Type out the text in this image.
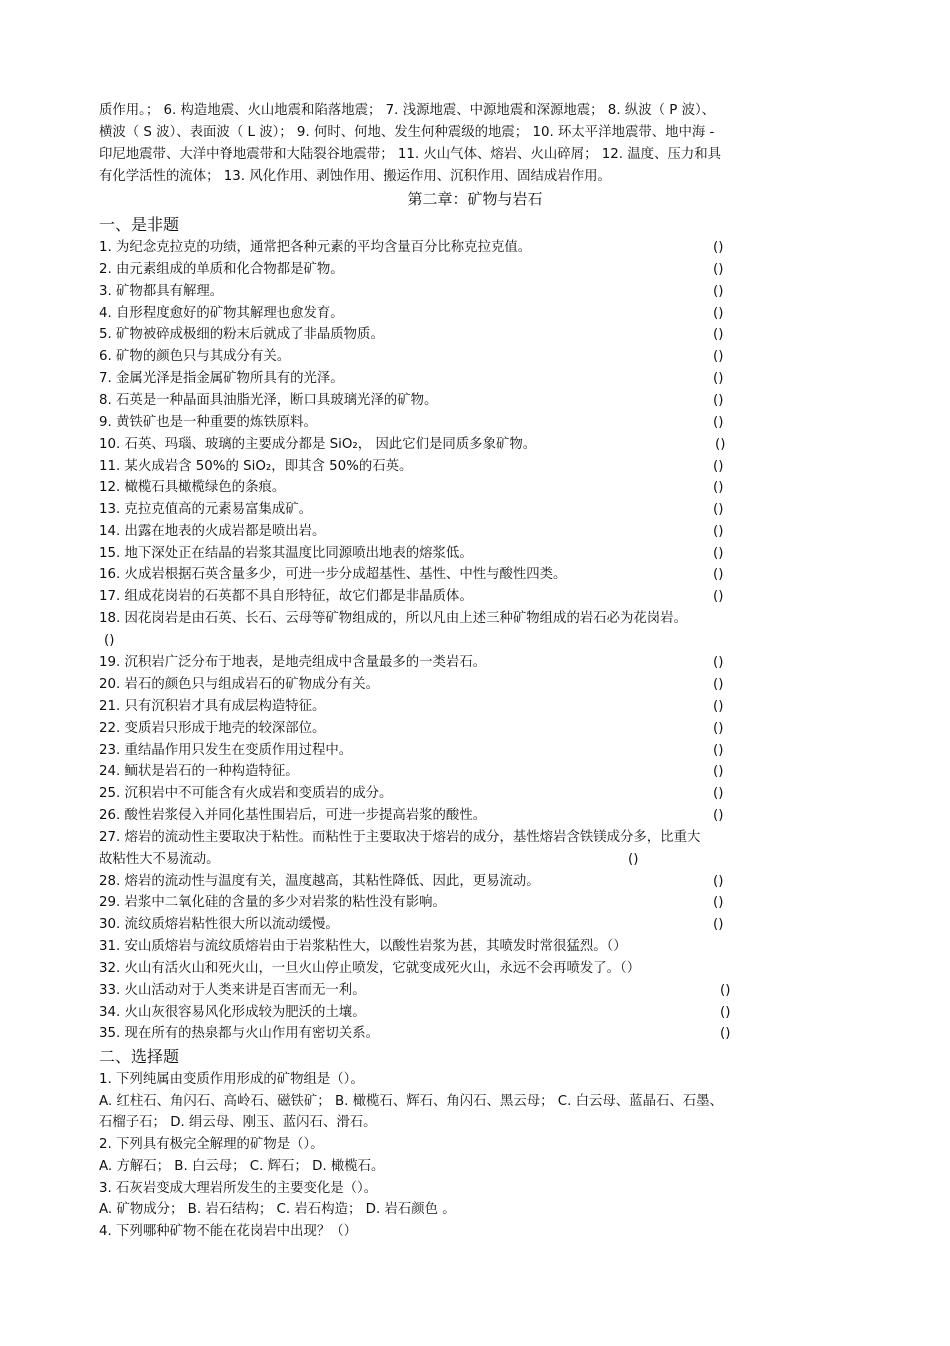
质作用。； 6. 构造地震、火山地震和陷落地震； 7. 浅源地震、中源地震和深源地震； 8. 纵波（ P 波）、
横波（ S 波）、表面波（ L 波）； 9. 何时、何地、发生何种震级的地震； 10. 环太平洋地震带、地中海 -
印尼地震带、大洋中脊地震带和大陆裂谷地震带； 11. 火山气体、熔岩、火山碎屑； 12. 温度、压力和具
有化学活性的流体； 13. 风化作用、剥蚀作用、搬运作用、沉积作用、固结成岩作用。
第二章：矿物与岩石
一、是非题
1. 为纪念克拉克的功绩，通常把各种元素的平均含量百分比称克拉克值。	()
2. 由元素组成的单质和化合物都是矿物。	()
3. 矿物都具有解理。	()
4. 自形程度愈好的矿物其解理也愈发育。	()
5. 矿物被碎成极细的粉末后就成了非晶质物质。	()
6. 矿物的颜色只与其成分有关。	()
7. 金属光泽是指金属矿物所具有的光泽。	()
8. 石英是一种晶面具油脂光泽，断口具玻璃光泽的矿物。	()
9. 黄铁矿也是一种重要的炼铁原料。	()
10. 石英、玛瑙、玻璃的主要成分都是 SiO₂， 因此它们是同质多象矿物。	()
11. 某火成岩含 50%的 SiO₂，即其含 50%的石英。	()
12. 橄榄石具橄榄绿色的条痕。	()
13. 克拉克值高的元素易富集成矿。	()
14. 出露在地表的火成岩都是喷出岩。	()
15. 地下深处正在结晶的岩浆其温度比同源喷出地表的熔浆低。	()
16. 火成岩根据石英含量多少，可进一步分成超基性、基性、中性与酸性四类。	()
17. 组成花岗岩的石英都不具自形特征，故它们都是非晶质体。	()
18. 因花岗岩是由石英、长石、云母等矿物组成的，所以凡由上述三种矿物组成的岩石必为花岗岩。
()
19. 沉积岩广泛分布于地表，是地壳组成中含量最多的一类岩石。	()
20. 岩石的颜色只与组成岩石的矿物成分有关。	()
21. 只有沉积岩才具有成层构造特征。	()
22. 变质岩只形成于地壳的较深部位。	()
23. 重结晶作用只发生在变质作用过程中。	()
24. 鲕状是岩石的一种构造特征。	()
25. 沉积岩中不可能含有火成岩和变质岩的成分。	()
26. 酸性岩浆侵入并同化基性围岩后，可进一步提高岩浆的酸性。	()
27. 熔岩的流动性主要取决于粘性。而粘性于主要取决于熔岩的成分，基性熔岩含铁镁成分多，比重大
故粘性大不易流动。	()
28. 熔岩的流动性与温度有关，温度越高，其粘性降低、因此，更易流动。	()
29. 岩浆中二氧化硅的含量的多少对岩浆的粘性没有影响。	()
30. 流纹质熔岩粘性很大所以流动缓慢。	()
31. 安山质熔岩与流纹质熔岩由于岩浆粘性大，以酸性岩浆为甚，其喷发时常很猛烈。（）
32. 火山有活火山和死火山，一旦火山停止喷发，它就变成死火山，永远不会再喷发了。（）
33. 火山活动对于人类来讲是百害而无一利。	()
34. 火山灰很容易风化形成较为肥沃的土壤。	()
35. 现在所有的热泉都与火山作用有密切关系。	()
二、选择题
1. 下列纯属由变质作用形成的矿物组是（）。
A. 红柱石、角闪石、高岭石、磁铁矿； B. 橄榄石、辉石、角闪石、黑云母； C. 白云母、蓝晶石、石墨、
石榴子石； D. 绢云母、刚玉、蓝闪石、滑石。
2. 下列具有极完全解理的矿物是（）。
A. 方解石； B. 白云母； C. 辉石； D. 橄榄石。
3. 石灰岩变成大理岩所发生的主要变化是（）。
A. 矿物成分； B. 岩石结构； C. 岩石构造； D. 岩石颜色 。
4. 下列哪种矿物不能在花岗岩中出现？（）
